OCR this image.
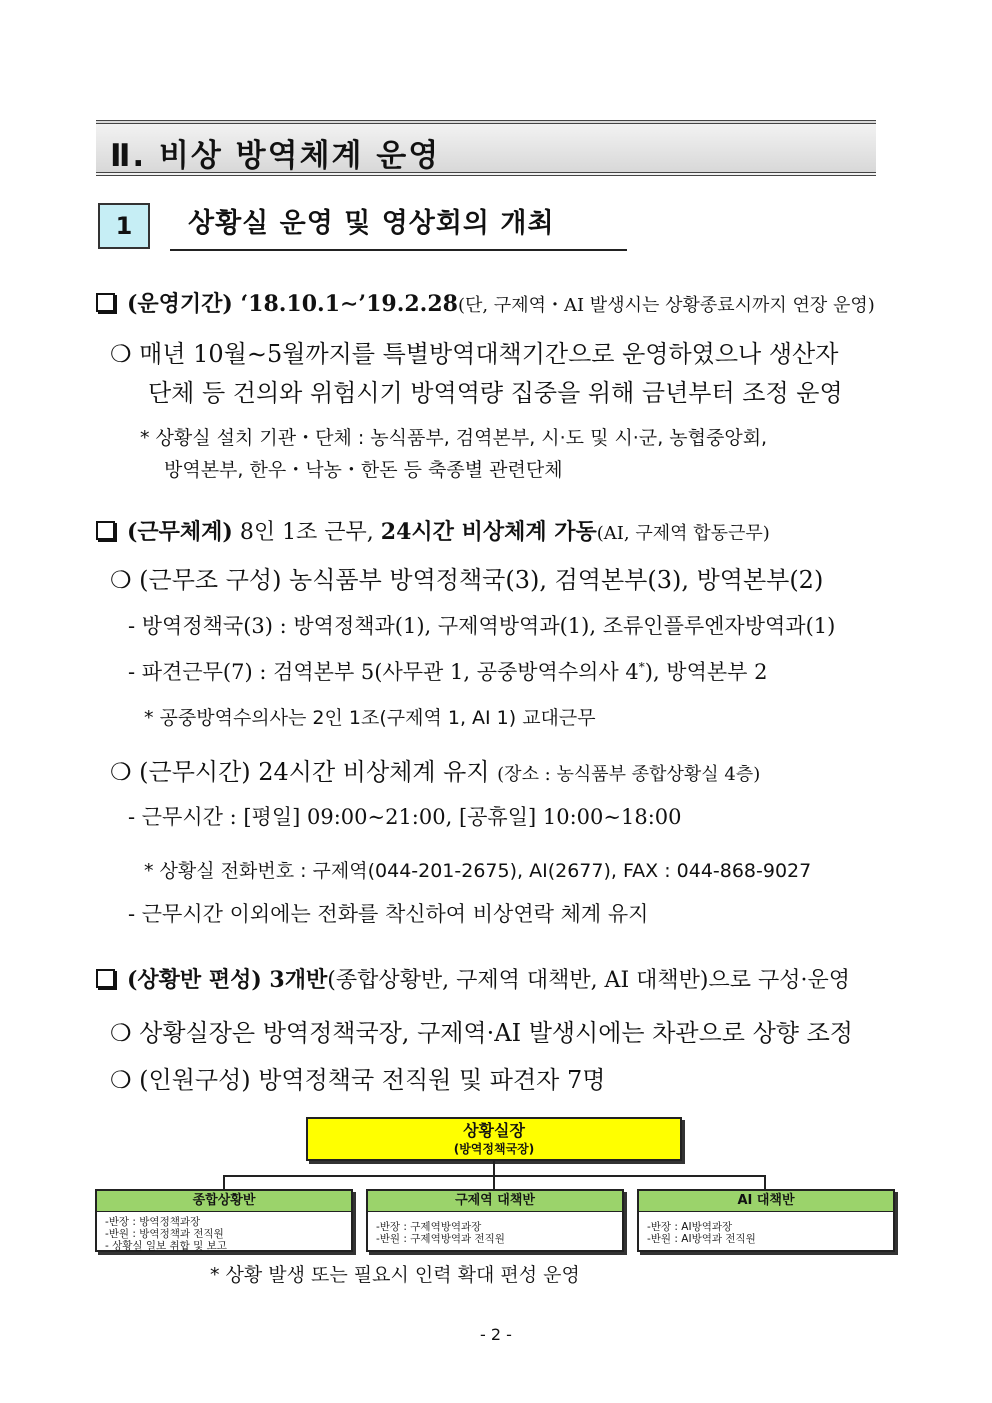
Ⅱ. 비상 방역체계 운영
1	상황실 운영 및 영상회의 개최
(운영기간) ‘18.10.1∼’19.2.28(단, 구제역・AI 발생시는 상황종료시까지 연장 운영)
❍ 매년 10월∼5월까지를 특별방역대책기간으로 운영하였으나 생산자
단체 등 건의와 위험시기 방역역량 집중을 위해 금년부터 조정 운영
* 상황실 설치 기관・단체 : 농식품부, 검역본부, 시·도 및 시·군, 농협중앙회,
방역본부, 한우・낙농・한돈 등 축종별 관련단체
(근무체계) 8인 1조 근무, 24시간 비상체계 가동(AI, 구제역 합동근무)
❍ (근무조 구성) 농식품부 방역정책국(3), 검역본부(3), 방역본부(2)
- 방역정책국(3) : 방역정책과(1), 구제역방역과(1), 조류인플루엔자방역과(1)
- 파견근무(7) : 검역본부 5(사무관 1, 공중방역수의사 4*), 방역본부 2
* 공중방역수의사는 2인 1조(구제역 1, AI 1) 교대근무
❍ (근무시간) 24시간 비상체계 유지 (장소 : 농식품부 종합상황실 4층)
- 근무시간 : [평일] 09:00∼21:00, [공휴일] 10:00∼18:00
* 상황실 전화번호 : 구제역(044-201-2675), AI(2677), FAX : 044-868-9027
- 근무시간 이외에는 전화를 착신하여 비상연락 체계 유지
(상황반 편성) 3개반(종합상황반, 구제역 대책반, AI 대책반)으로 구성·운영
❍ 상황실장은 방역정책국장, 구제역·AI 발생시에는 차관으로 상향 조정
❍ (인원구성) 방역정책국 전직원 및 파견자 7명
상황실장
(방역정책국장)
종합상황반
-반장 : 방역정책과장
-반원 : 방역정책과 전직원
- 상황실 일보 취합 및 보고
구제역 대책반
-반장 : 구제역방역과장
-반원 : 구제역방역과 전직원
AI 대책반
-반장 : AI방역과장
-반원 : AI방역과 전직원
* 상황 발생 또는 필요시 인력 확대 편성 운영
- 2 -
